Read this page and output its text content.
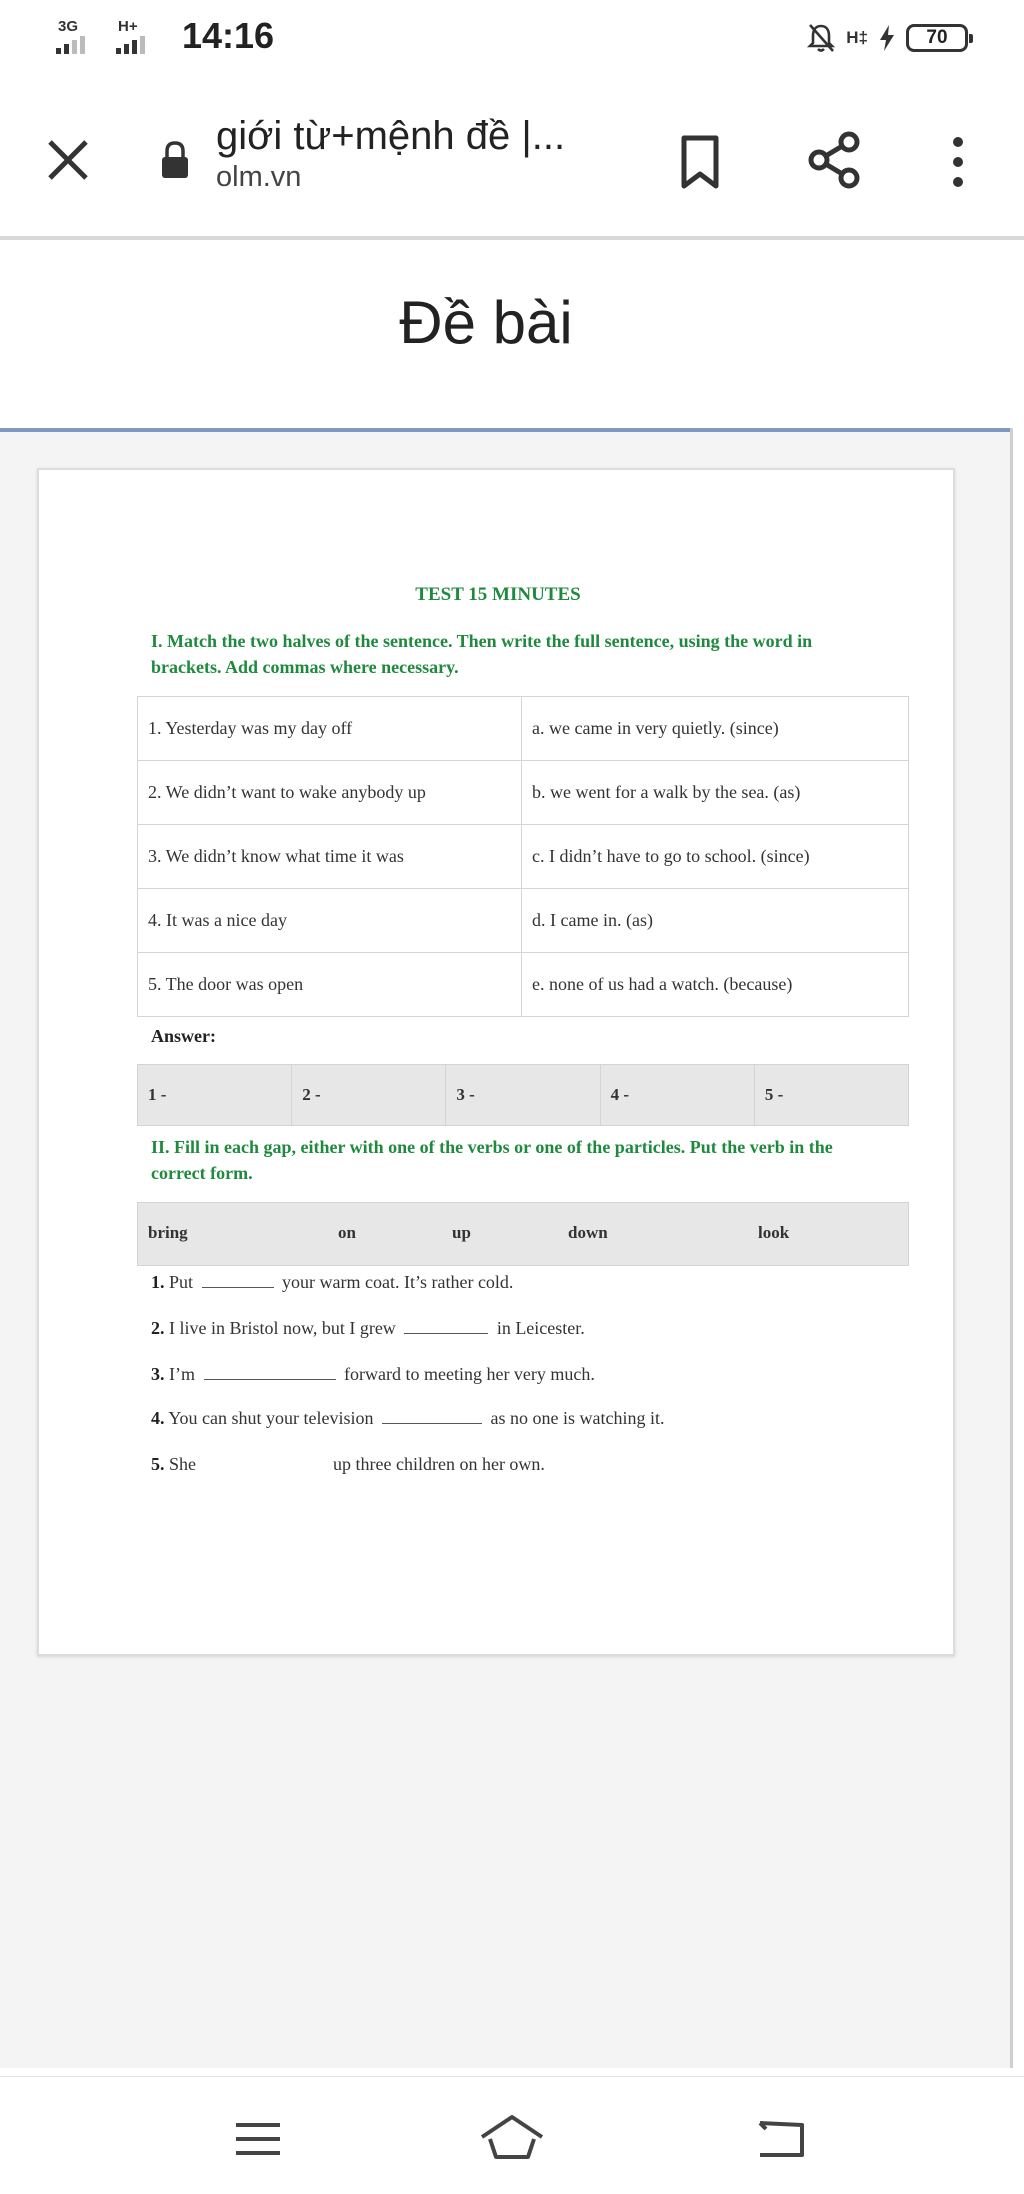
3G	H+ 14:16	H‡	70
giới từ+mệnh đề |...
olm.vn
Đề bài
TEST 15 MINUTES
I. Match the two halves of the sentence. Then write the full sentence, using the word in brackets. Add commas where necessary.
1. Yesterday was my day off	a. we came in very quietly. (since)
2. We didn’t want to wake anybody up	b. we went for a walk by the sea. (as)
3. We didn’t know what time it was	c. I didn’t have to go to school. (since)
4. It was a nice day	d. I came in. (as)
5. The door was open	e. none of us had a watch. (because)
Answer:
1 -	2 -	3 -	4 -	5 -
II. Fill in each gap, either with one of the verbs or one of the particles. Put the verb in the correct form.
bring	on	up	down	look
1. Put	your warm coat. It’s rather cold.
2. I live in Bristol now, but I grew	in Leicester.
3. I’m	forward to meeting her very much.
4. You can shut your television	as no one is watching it.
5. She	up three children on her own.
